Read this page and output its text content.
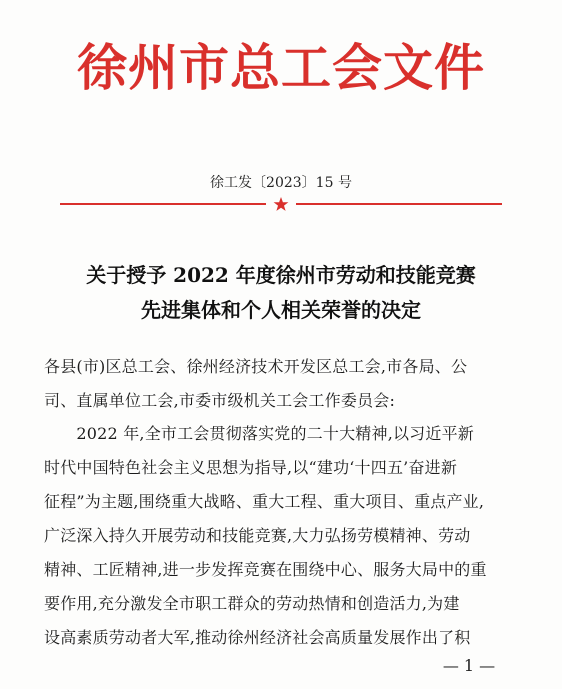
徐州市总工会文件
徐工发〔2023〕15 号
关于授予 2022 年度徐州市劳动和技能竞赛
先进集体和个人相关荣誉的决定
各县(市)区总工会、徐州经济技术开发区总工会,市各局、公
司、直属单位工会,市委市级机关工会工作委员会:
　　2022 年,全市工会贯彻落实党的二十大精神,以习近平新
时代中国特色社会主义思想为指导,以“建功‘十四五’奋进新
征程”为主题,围绕重大战略、重大工程、重大项目、重点产业,
广泛深入持久开展劳动和技能竞赛,大力弘扬劳模精神、劳动
精神、工匠精神,进一步发挥竞赛在围绕中心、服务大局中的重
要作用,充分激发全市职工群众的劳动热情和创造活力,为建
设高素质劳动者大军,推动徐州经济社会高质量发展作出了积
— 1 —
